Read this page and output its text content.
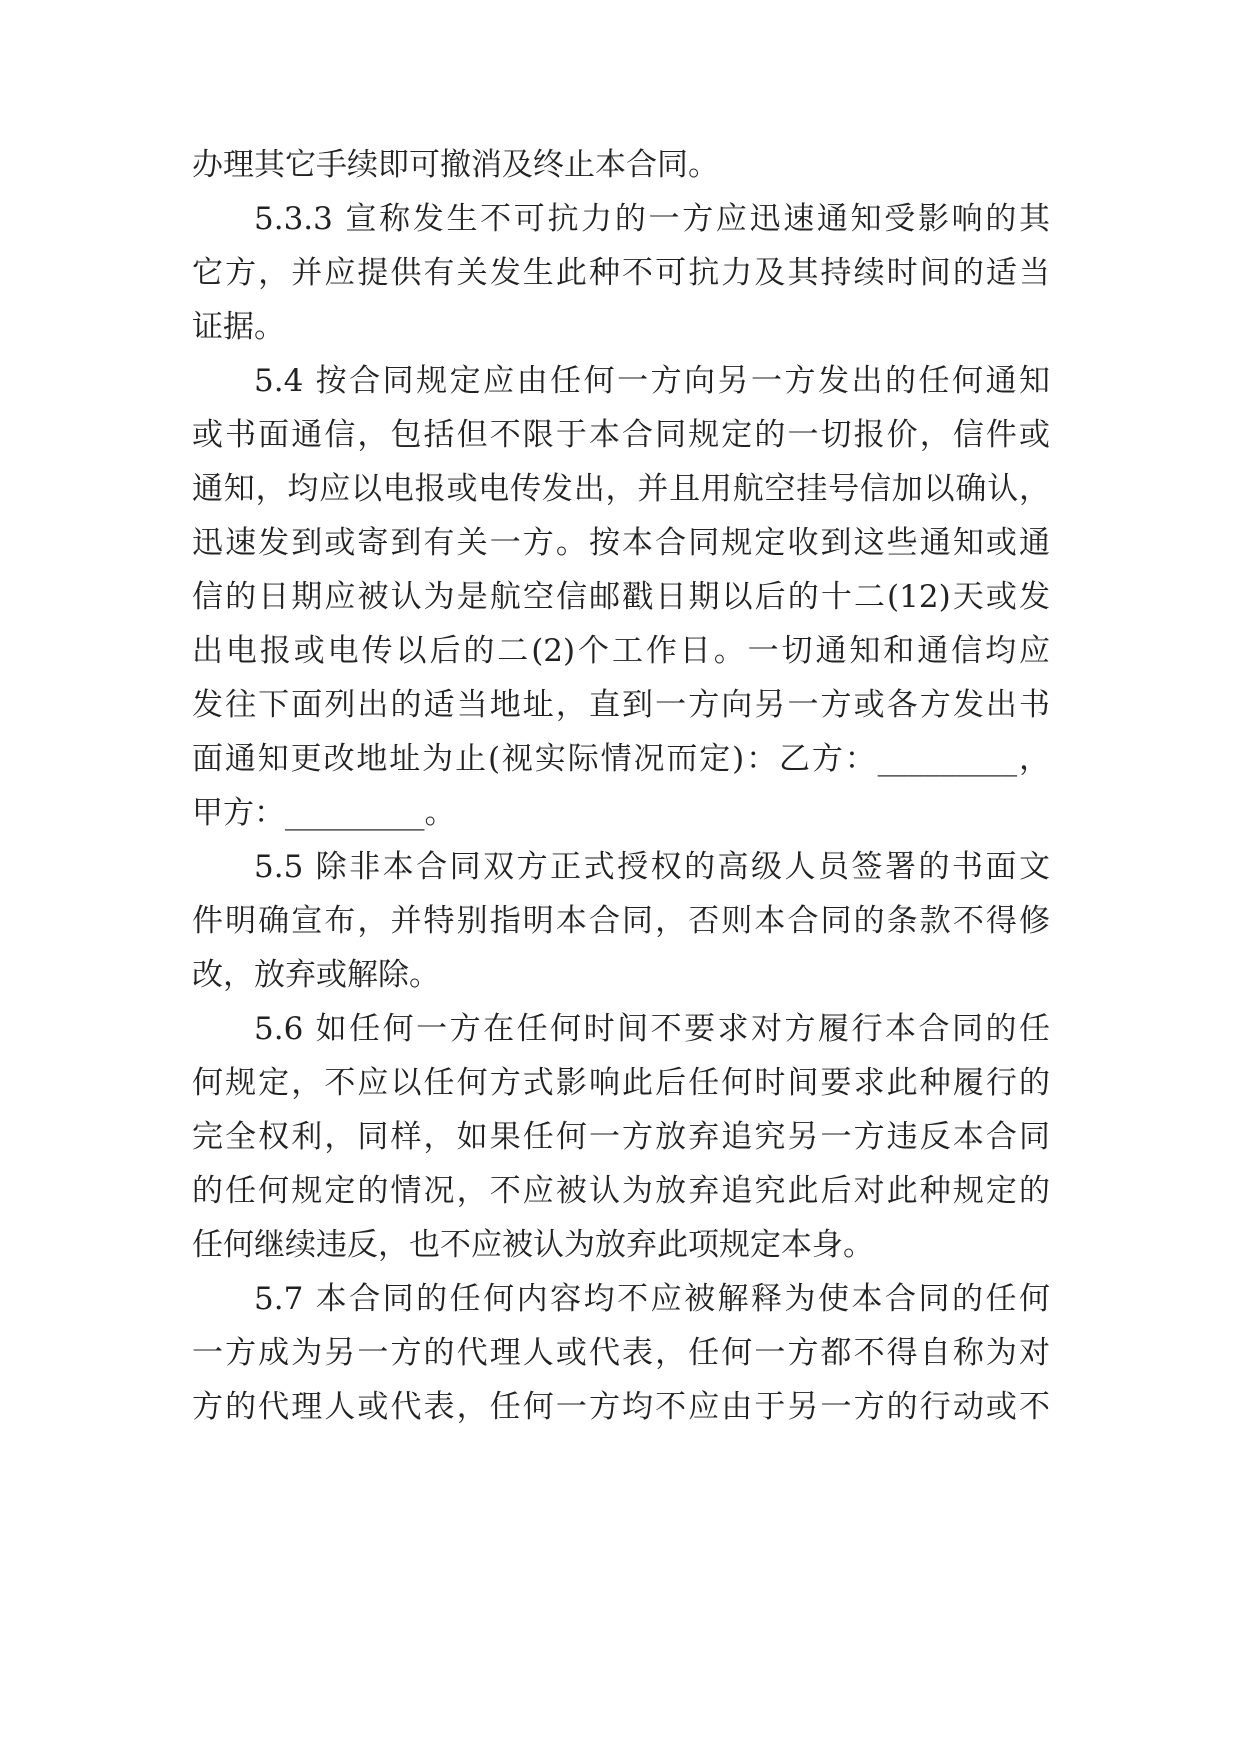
办理其它手续即可撤消及终止本合同。
5.3.3 宣称发生不可抗力的一方应迅速通知受影响的其
它方，并应提供有关发生此种不可抗力及其持续时间的适当
证据。
5.4 按合同规定应由任何一方向另一方发出的任何通知
或书面通信，包括但不限于本合同规定的一切报价，信件或
通知，均应以电报或电传发出，并且用航空挂号信加以确认，
迅速发到或寄到有关一方。按本合同规定收到这些通知或通
信的日期应被认为是航空信邮戳日期以后的十二(12)天或发
出电报或电传以后的二(2)个工作日。一切通知和通信均应
发往下面列出的适当地址，直到一方向另一方或各方发出书
面通知更改地址为止(视实际情况而定)：乙方：_________，
甲方：_________。
5.5 除非本合同双方正式授权的高级人员签署的书面文
件明确宣布，并特别指明本合同，否则本合同的条款不得修
改，放弃或解除。
5.6 如任何一方在任何时间不要求对方履行本合同的任
何规定，不应以任何方式影响此后任何时间要求此种履行的
完全权利，同样，如果任何一方放弃追究另一方违反本合同
的任何规定的情况，不应被认为放弃追究此后对此种规定的
任何继续违反，也不应被认为放弃此项规定本身。
5.7 本合同的任何内容均不应被解释为使本合同的任何
一方成为另一方的代理人或代表，任何一方都不得自称为对
方的代理人或代表，任何一方均不应由于另一方的行动或不
